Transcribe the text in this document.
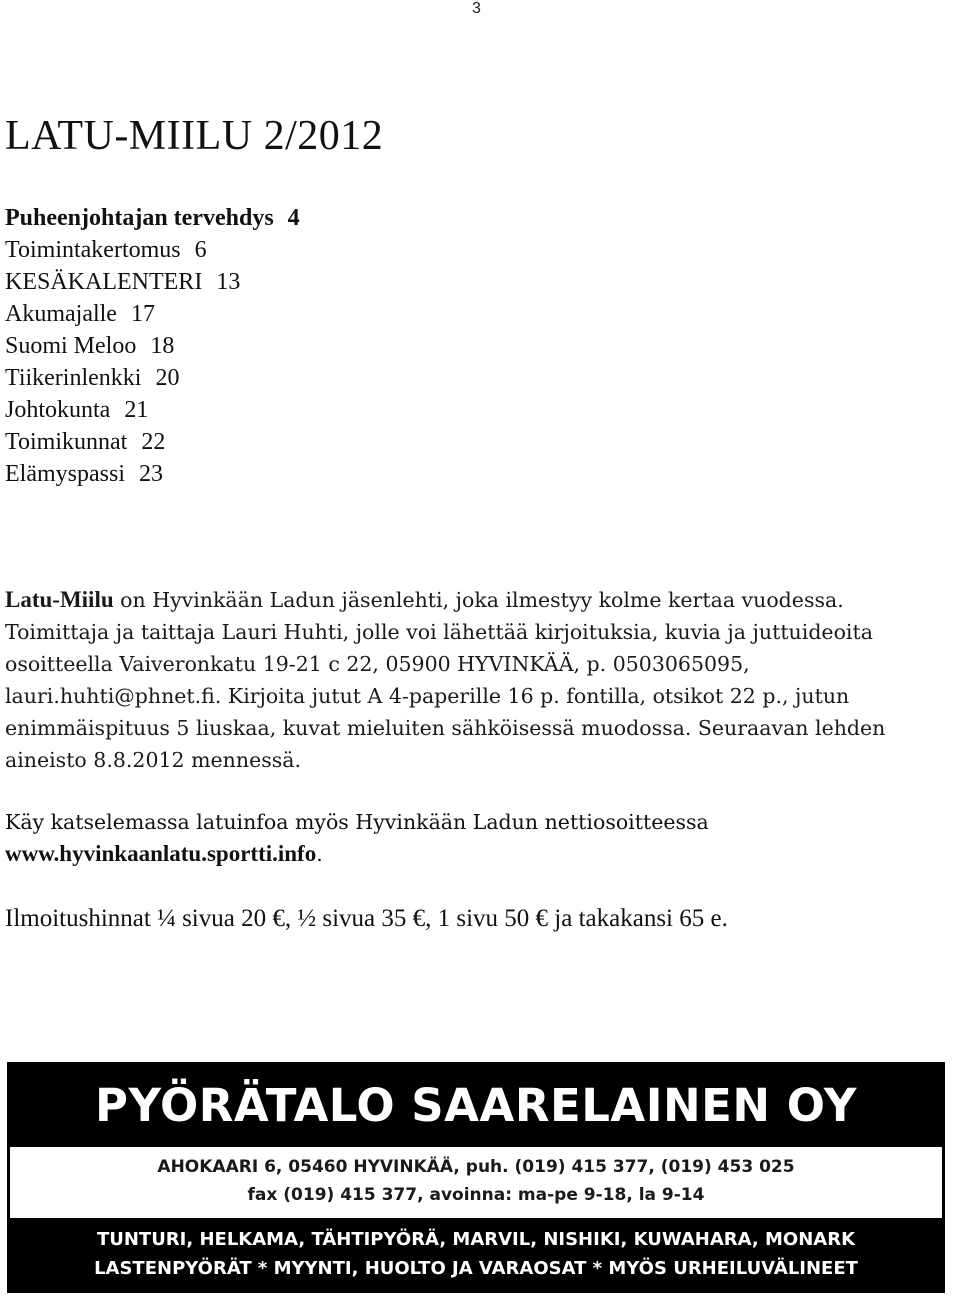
3
LATU-MIILU 2/2012
Puheenjohtajan tervehdys 4
Toimintakertomus 6
KESÄKALENTERI 13
Akumajalle 17
Suomi Meloo 18
Tiikerinlenkki 20
Johtokunta 21
Toimikunnat 22
Elämyspassi 23

Latu-Miilu on Hyvinkään Ladun jäsenlehti, joka ilmestyy kolme kertaa vuodessa. Toimittaja ja taittaja Lauri Huhti, jolle voi lähettää kirjoituksia, kuvia ja juttuideoita osoitteella Vaiveronkatu 19-21 c 22, 05900 HYVINKÄÄ, p. 0503065095, lauri.huhti@phnet.fi. Kirjoita jutut A 4-paperille 16 p. fontilla, otsikot 22 p., jutun enimmäispituus 5 liuskaa, kuvat mieluiten sähköisessä muodossa. Seuraavan lehden aineisto 8.8.2012 mennessä.

Käy katselemassa latuinfoa myös Hyvinkään Ladun nettiosoitteessa www.hyvinkaanlatu.sportti.info.

Ilmoitushinnat ¼ sivua 20 €, ½ sivua 35 €, 1 sivu 50 € ja takakansi 65 e.

PYÖRÄTALO SAARELAINEN OY
AHOKAARI 6, 05460 HYVINKÄÄ, puh. (019) 415 377, (019) 453 025
fax (019) 415 377, avoinna: ma-pe 9-18, la 9-14
TUNTURI, HELKAMA, TÄHTIPYÖRÄ, MARVIL, NISHIKI, KUWAHARA, MONARK
LASTENPYÖRÄT * MYYNTI, HUOLTO JA VARAOSAT * MYÖS URHEILUVÄLINEET
